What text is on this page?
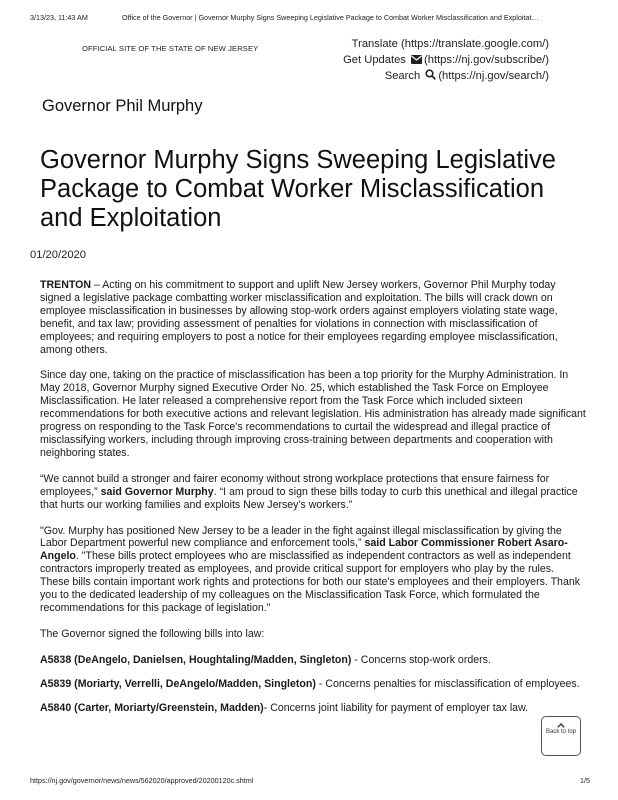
3/13/23, 11:43 AM	Office of the Governor | Governor Murphy Signs Sweeping Legislative Package to Combat Worker Misclassification and Exploitat…
OFFICIAL SITE OF THE STATE OF NEW JERSEY	Translate (https://translate.google.com/)
Get Updates (https://nj.gov/subscribe/)
Search (https://nj.gov/search/)
Governor Phil Murphy
Governor Murphy Signs Sweeping Legislative Package to Combat Worker Misclassification and Exploitation
01/20/2020

TRENTON – Acting on his commitment to support and uplift New Jersey workers, Governor Phil Murphy today signed a legislative package combatting worker misclassification and exploitation. The bills will crack down on employee misclassification in businesses by allowing stop-work orders against employers violating state wage, benefit, and tax law; providing assessment of penalties for violations in connection with misclassification of employees; and requiring employers to post a notice for their employees regarding employee misclassification, among others.

Since day one, taking on the practice of misclassification has been a top priority for the Murphy Administration. In May 2018, Governor Murphy signed Executive Order No. 25, which established the Task Force on Employee Misclassification. He later released a comprehensive report from the Task Force which included sixteen recommendations for both executive actions and relevant legislation. His administration has already made significant progress on responding to the Task Force's recommendations to curtail the widespread and illegal practice of misclassifying workers, including through improving cross-training between departments and cooperation with neighboring states.

“We cannot build a stronger and fairer economy without strong workplace protections that ensure fairness for employees,” said Governor Murphy. “I am proud to sign these bills today to curb this unethical and illegal practice that hurts our working families and exploits New Jersey's workers.”

"Gov. Murphy has positioned New Jersey to be a leader in the fight against illegal misclassification by giving the Labor Department powerful new compliance and enforcement tools,” said Labor Commissioner Robert Asaro-Angelo. "These bills protect employees who are misclassified as independent contractors as well as independent contractors improperly treated as employees, and provide critical support for employers who play by the rules. These bills contain important work rights and protections for both our state's employees and their employers. Thank you to the dedicated leadership of my colleagues on the Misclassification Task Force, which formulated the recommendations for this package of legislation."

The Governor signed the following bills into law:

A5838 (DeAngelo, Danielsen, Houghtaling/Madden, Singleton) - Concerns stop-work orders.

A5839 (Moriarty, Verrelli, DeAngelo/Madden, Singleton) - Concerns penalties for misclassification of employees.

A5840 (Carter, Moriarty/Greenstein, Madden)- Concerns joint liability for payment of employer tax law.

Back to top
https://nj.gov/governor/news/news/562020/approved/20200120c.shtml	1/5
